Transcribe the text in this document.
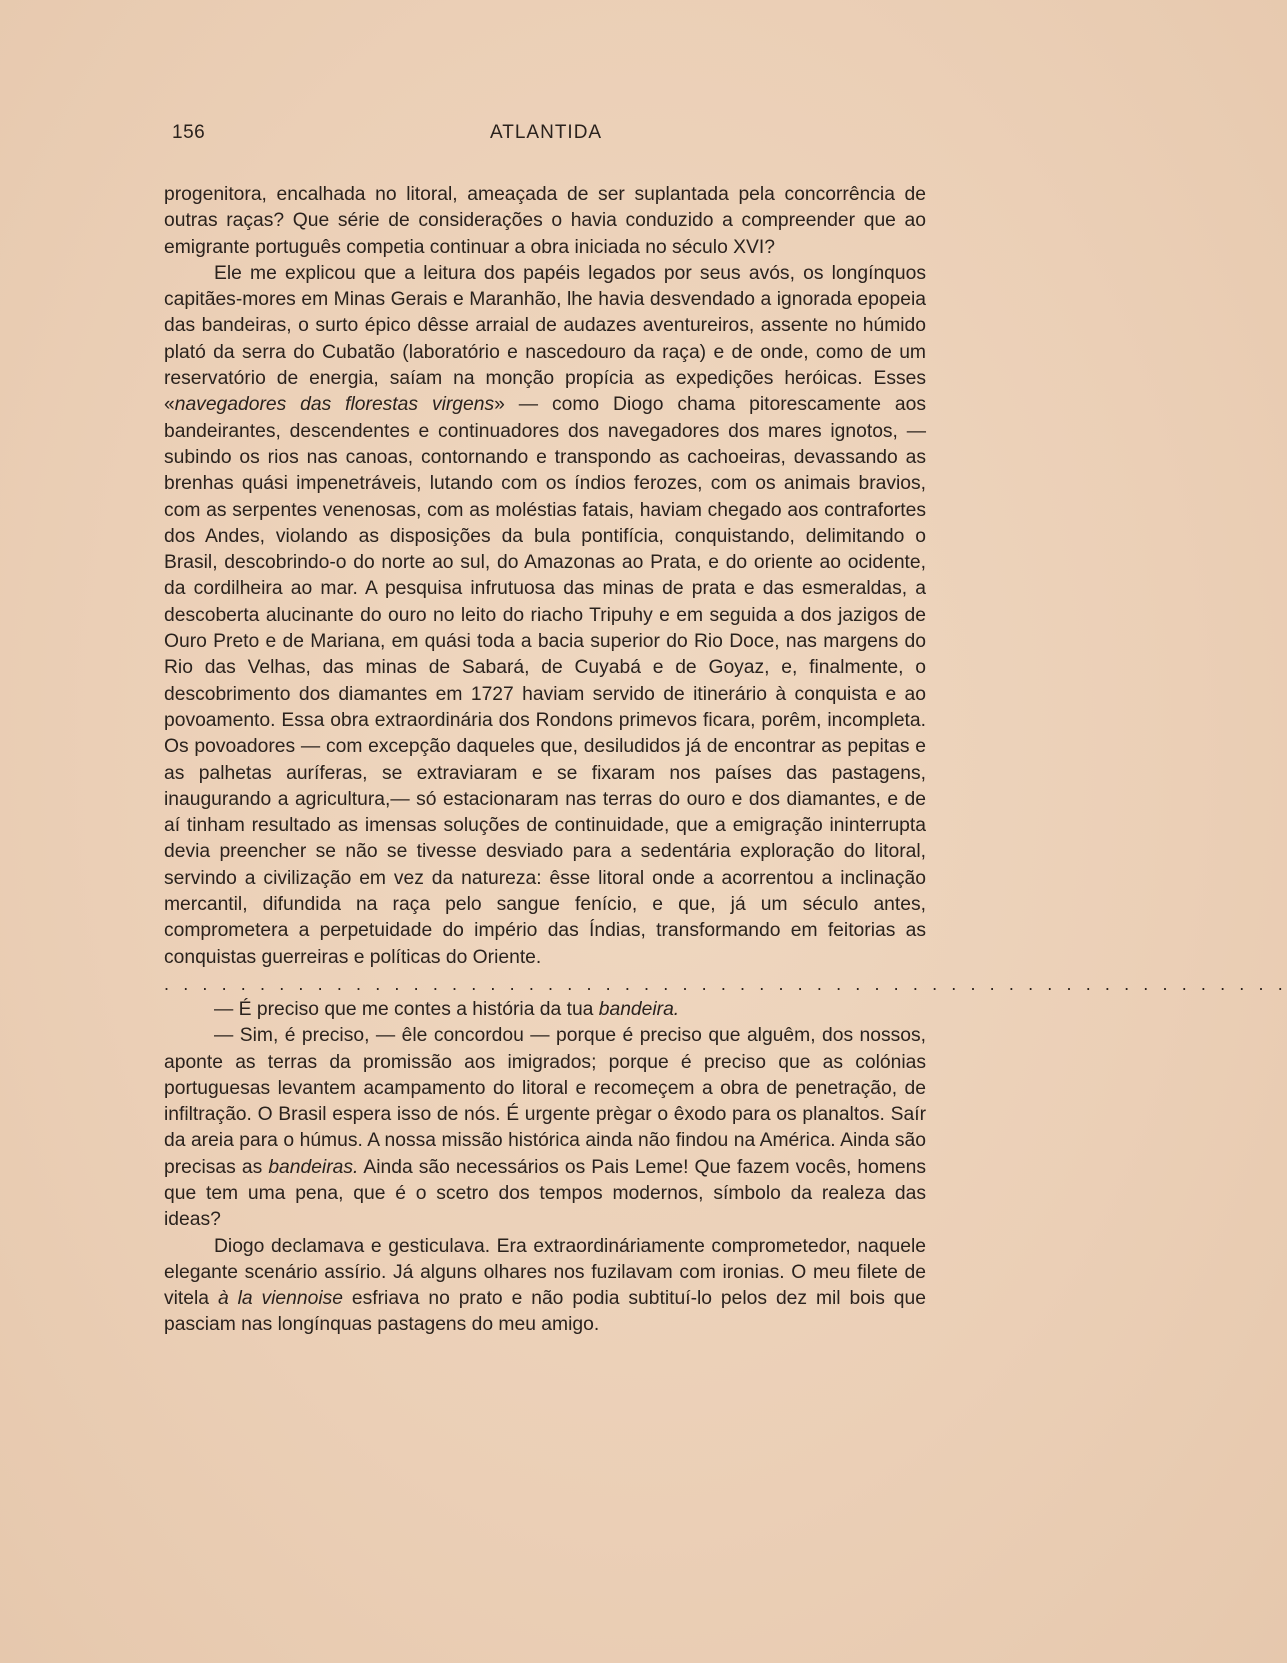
156	ATLANTIDA

progenitora, encalhada no litoral, ameaçada de ser suplantada pela concorrência de outras raças? Que série de considerações o havia conduzido a compreender que ao emigrante português competia continuar a obra iniciada no século XVI?

Ele me explicou que a leitura dos papéis legados por seus avós, os longínquos capitães-mores em Minas Gerais e Maranhão, lhe havia desvendado a ignorada epopeia das bandeiras, o surto épico dêsse arraial de audazes aventureiros, assente no húmido plató da serra do Cubatão (laboratório e nascedouro da raça) e de onde, como de um reservatório de energia, saíam na monção propícia as expedições heróicas. Esses «navegadores das florestas virgens» — como Diogo chama pitorescamente aos bandeirantes, descendentes e continuadores dos navegadores dos mares ignotos, — subindo os rios nas canoas, contornando e transpondo as cachoeiras, devassando as brenhas quási impenetráveis, lutando com os índios ferozes, com os animais bravios, com as serpentes venenosas, com as moléstias fatais, haviam chegado aos contrafortes dos Andes, violando as disposições da bula pontifícia, conquistando, delimitando o Brasil, descobrindo-o do norte ao sul, do Amazonas ao Prata, e do oriente ao ocidente, da cordilheira ao mar. A pesquisa infrutuosa das minas de prata e das esmeraldas, a descoberta alucinante do ouro no leito do riacho Tripuhy e em seguida a dos jazigos de Ouro Preto e de Mariana, em quási toda a bacia superior do Rio Doce, nas margens do Rio das Velhas, das minas de Sabará, de Cuyabá e de Goyaz, e, finalmente, o descobrimento dos diamantes em 1727 haviam servido de itinerário à conquista e ao povoamento. Essa obra extraordinária dos Rondons primevos ficara, porêm, incompleta. Os povoadores — com excepção daqueles que, desiludidos já de encontrar as pepitas e as palhetas auríferas, se extraviaram e se fixaram nos países das pastagens, inaugurando a agricultura,— só estacionaram nas terras do ouro e dos diamantes, e de aí tinham resultado as imensas soluções de continuidade, que a emigração ininterrupta devia preencher se não se tivesse desviado para a sedentária exploração do litoral, servindo a civilização em vez da natureza: êsse litoral onde a acorrentou a inclinação mercantil, difundida na raça pelo sangue fenício, e que, já um século antes, comprometera a perpetuidade do império das Índias, transformando em feitorias as conquistas guerreiras e políticas do Oriente.

. . . . . . . . . . . . . . . . . . . . . . . . . . . . . . . . . . . . . . . . . . . . . . . . . . . . . . . . . . .

— É preciso que me contes a história da tua bandeira.

— Sim, é preciso, — êle concordou — porque é preciso que alguêm, dos nossos, aponte as terras da promissão aos imigrados; porque é preciso que as colónias portuguesas levantem acampamento do litoral e recomeçem a obra de penetração, de infiltração. O Brasil espera isso de nós. É urgente prègar o êxodo para os planaltos. Saír da areia para o húmus. A nossa missão histórica ainda não findou na América. Ainda são precisas as bandeiras. Ainda são necessários os Pais Leme! Que fazem vocês, homens que tem uma pena, que é o scetro dos tempos modernos, símbolo da realeza das ideas?

Diogo declamava e gesticulava. Era extraordináriamente comprometedor, naquele elegante scenário assírio. Já alguns olhares nos fuzilavam com ironias. O meu filete de vitela à la viennoise esfriava no prato e não podia subtituí-lo pelos dez mil bois que pasciam nas longínquas pastagens do meu amigo.
